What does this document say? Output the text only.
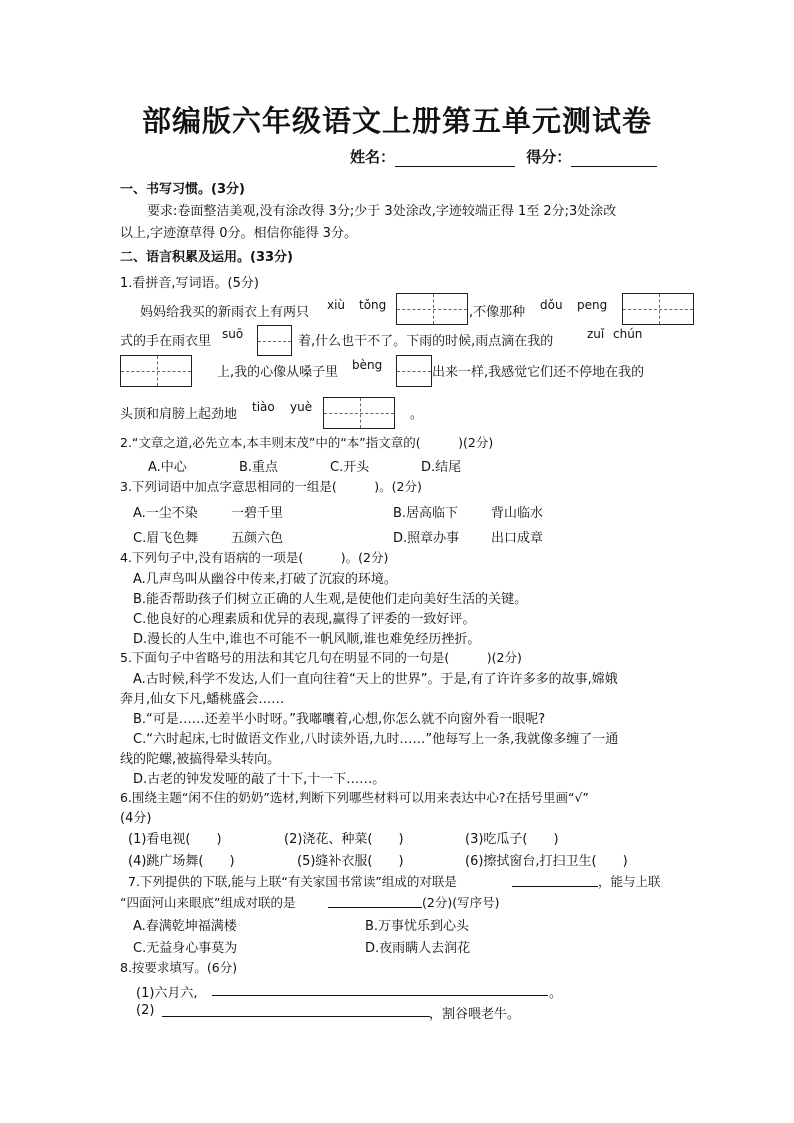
部编版六年级语文上册第五单元测试卷
姓名：	得分：
一、书写习惯。(3分)
要求:卷面整洁美观,没有涂改得 3分;少于 3处涂改,字迹较端正得 1至 2分;3处涂改
以上,字迹潦草得 0分。相信你能得 3分。
二、语言积累及运用。(33分)
1.看拼音,写词语。(5分)
妈妈给我买的新雨衣上有两只 xiù tǒng	,不像那种 dǒu peng
式的手在雨衣里 suō	着,什么也干不了。下雨的时候,雨点滴在我的	zuǐ chún
上,我的心像从嗓子里 bèng	出来一样,我感觉它们还不停地在我的
头顶和肩膀上起劲地 tiào yuè	。
2.“文章之道,必先立本,本丰则末茂”中的“本”指文章的(　　　)(2分)
A.中心	B.重点	C.开头	D.结尾
3.下列词语中加点字意思相同的一组是(　　　)。(2分)
A.一尘不染	一碧千里	B.居高临下	背山临水
C.眉飞色舞	五颜六色	D.照章办事 出口成章
4.下列句子中,没有语病的一项是(　　　)。(2分)
A.几声鸟叫从幽谷中传来,打破了沉寂的环境。
B.能否帮助孩子们树立正确的人生观,是使他们走向美好生活的关键。
C.他良好的心理素质和优异的表现,赢得了评委的一致好评。
D.漫长的人生中,谁也不可能不一帆风顺,谁也难免经历挫折。
5.下面句子中省略号的用法和其它几句在明显不同的一句是(　　　)(2分)
A.古时候,科学不发达,人们一直向往着“天上的世界”。于是,有了许许多多的故事,嫦娥
奔月,仙女下凡,蟠桃盛会……
B.“可是……还差半小时呀。”我嘟囔着,心想,你怎么就不向窗外看一眼呢?
C.“六时起床,七时做语文作业,八时读外语,九时……”他每写上一条,我就像多缠了一通
线的陀螺,被搞得晕头转向。
D.古老的钟发发哑的敲了十下,十一下……。
6.围绕主题“闲不住的奶奶”选材,判断下列哪些材料可以用来表达中心?在括号里画“√”
(4分)
(1)看电视(　　)	(2)浇花、种菜(　　)	(3)吃瓜子(　　)
(4)跳广场舞(　　)	(5)缝补衣服(　　)	(6)擦拭窗台,打扫卫生(　　)
7.下列提供的下联,能与上联“有关家国书常读”组成的对联是	，能与上联
“四面河山来眼底”组成对联的是	(2分)(写序号)
A.春满乾坤福满楼	B.万事忧乐到心头
C.无益身心事莫为	D.夜雨瞒人去润花
8.按要求填写。(6分)
(1)六月六,	。
(2)	，割谷喂老牛。
